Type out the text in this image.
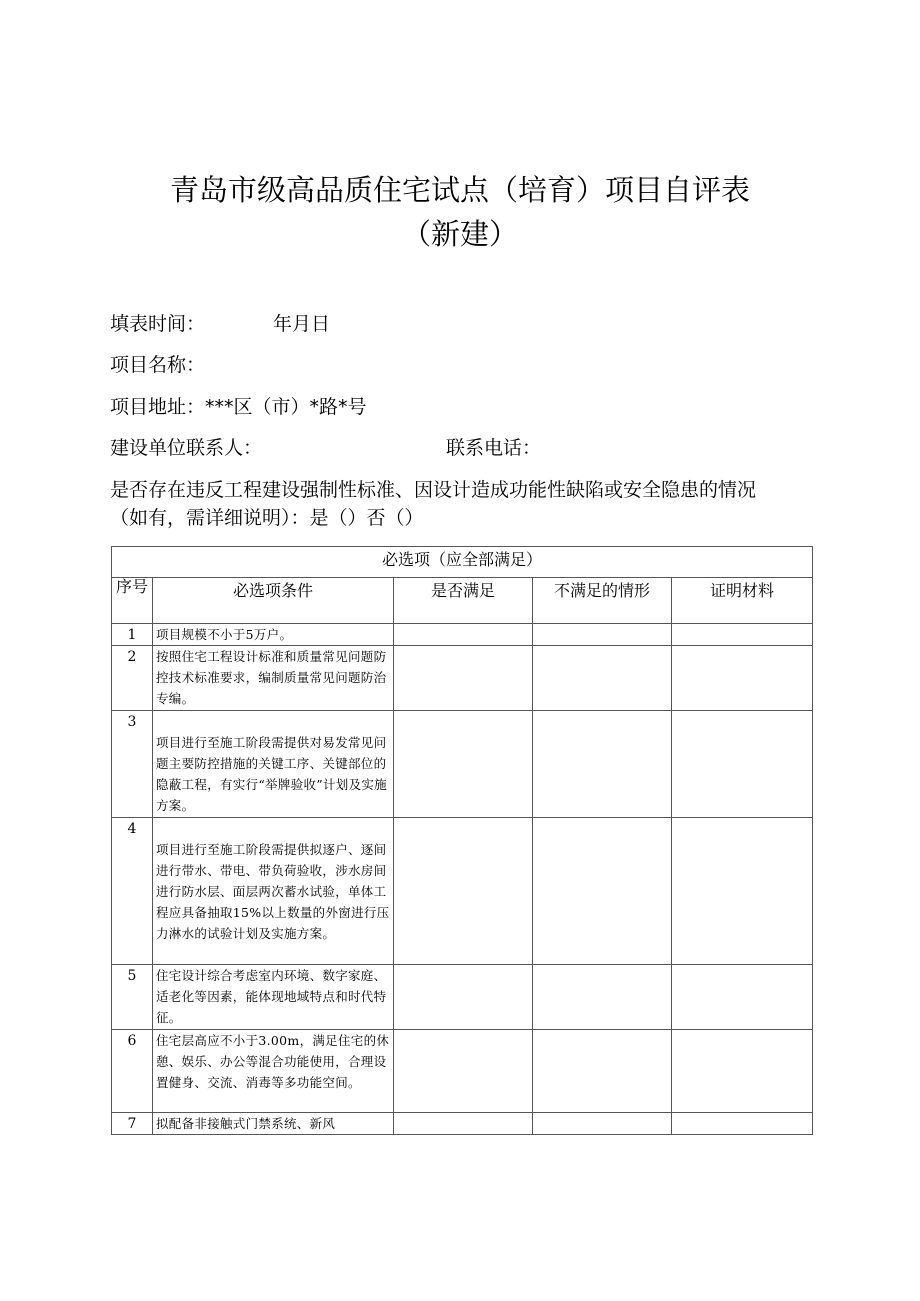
青岛市级高品质住宅试点（培育）项目自评表
（新建）
填表时间：	年月日
项目名称：
项目地址：***区（市）*路*号
建设单位联系人：	联系电话：
是否存在违反工程建设强制性标准、因设计造成功能性缺陷或安全隐患的情况
（如有，需详细说明）：是（）否（）
必选项（应全部满足）				
序号	必选项条件	是否满足	不满足的情形	证明材料
1	项目规模不小于5万户。			
2	按照住宅工程设计标准和质量常见问题防控技术标准要求，编制质量常见问题防治专编。			
3	项目进行至施工阶段需提供对易发常见问题主要防控措施的关键工序、关键部位的隐蔽工程，有实行“举牌验收”计划及实施方案。			
4	项目进行至施工阶段需提供拟逐户、逐间进行带水、带电、带负荷验收，涉水房间进行防水层、面层两次蓄水试验，单体工程应具备抽取15%以上数量的外窗进行压力淋水的试验计划及实施方案。			
5	住宅设计综合考虑室内环境、数字家庭、适老化等因素，能体现地域特点和时代特征。			
6	住宅层高应不小于3.00m，满足住宅的休憩、娱乐、办公等混合功能使用，合理设置健身、交流、消毒等多功能空间。			
7	拟配备非接触式门禁系统、新风			
